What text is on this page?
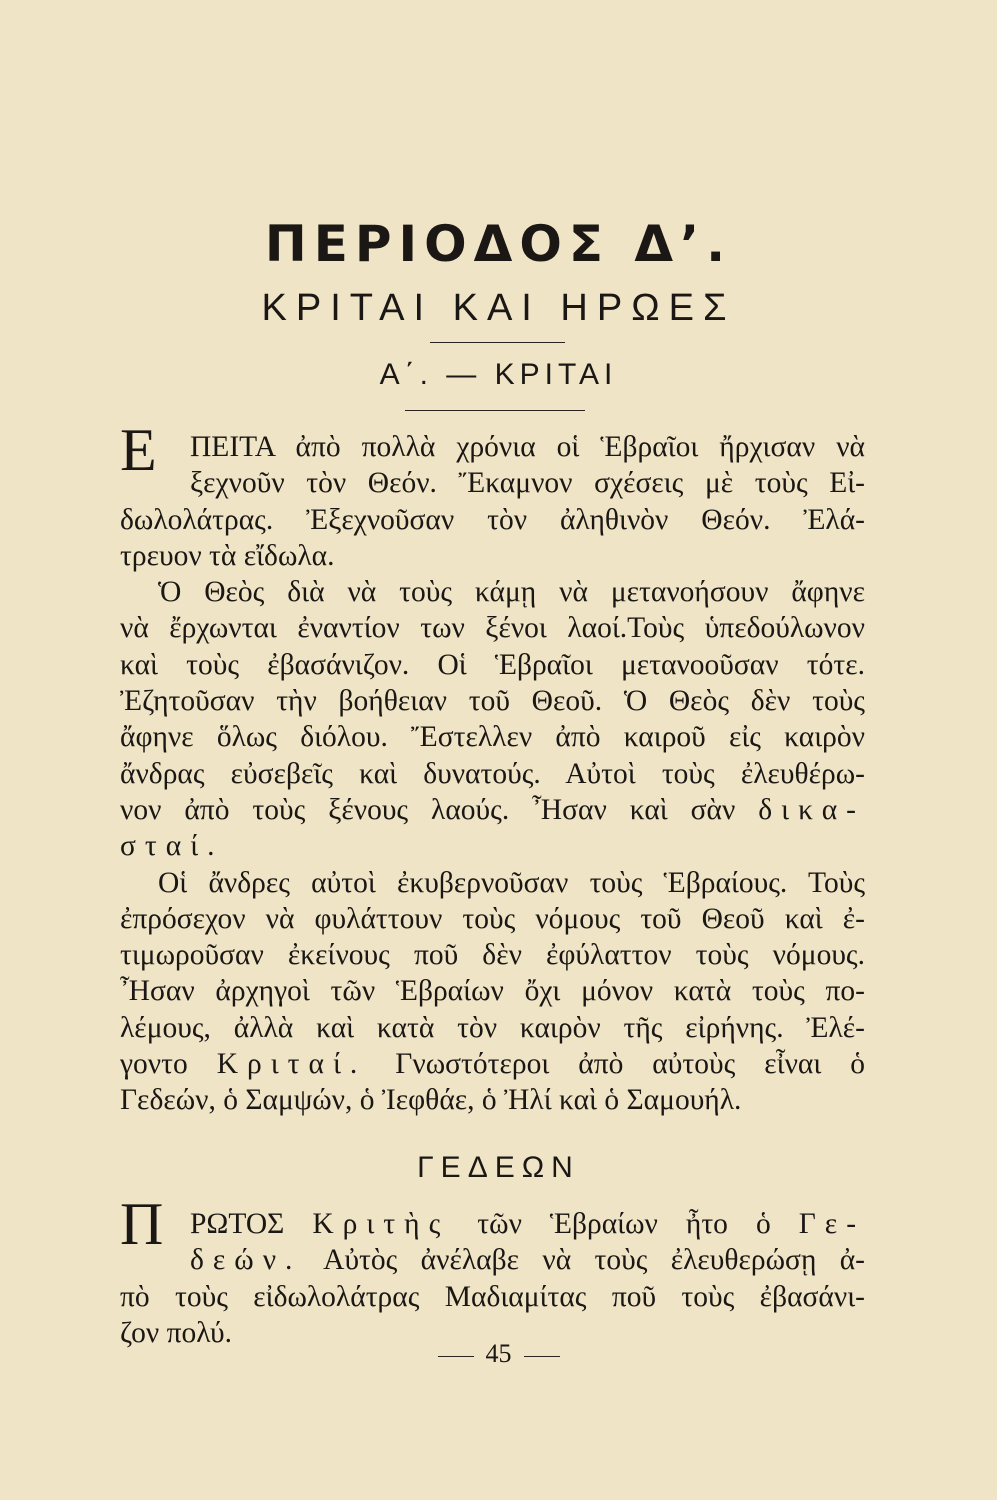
ΠΕΡΙΟΔΟΣ Δ’.
ΚΡΙΤΑΙ ΚΑΙ ΗΡΩΕΣ
Α΄. — ΚΡΙΤΑΙ
Ε	ΠΕΙΤΑ ἀπὸ πολλὰ χρόνια οἱ Ἑβραῖοι ἤρχισαν νὰ
ξεχνοῦν τὸν Θεόν. Ἔκαμνον σχέσεις μὲ τοὺς Εἰ-
δωλολάτρας. Ἐξεχνοῦσαν τὸν ἀληθινὸν Θεόν. Ἐλά-
τρευον τὰ εἴδωλα.
Ὁ Θεὸς διὰ νὰ τοὺς κάμῃ νὰ μετανοήσουν ἄφηνε
νὰ ἔρχωνται ἐναντίον των ξένοι λαοί.Τοὺς ὑπεδούλωνον
καὶ τοὺς ἐβασάνιζον. Οἱ Ἑβραῖοι μετανοοῦσαν τότε.
Ἐζητοῦσαν τὴν βοήθειαν τοῦ Θεοῦ. Ὁ Θεὸς δὲν τοὺς
ἄφηνε ὅλως διόλου. Ἔστελλεν ἀπὸ καιροῦ εἰς καιρὸν
ἄνδρας εὐσεβεῖς καὶ δυνατούς. Αὐτοὶ τοὺς ἐλευθέρω-
νον ἀπὸ τοὺς ξένους λαούς. Ἦσαν καὶ σὰν δικα-
σταί.
Οἱ ἄνδρες αὐτοὶ ἐκυβερνοῦσαν τοὺς Ἑβραίους. Τοὺς
ἐπρόσεχον νὰ φυλάττουν τοὺς νόμους τοῦ Θεοῦ καὶ ἐ-
τιμωροῦσαν ἐκείνους ποῦ δὲν ἐφύλαττον τοὺς νόμους.
Ἦσαν ἀρχηγοὶ τῶν Ἑβραίων ὄχι μόνον κατὰ τοὺς πο-
λέμους, ἀλλὰ καὶ κατὰ τὸν καιρὸν τῆς εἰρήνης. Ἐλέ-
γοντο Κριταί. Γνωστότεροι ἀπὸ αὐτοὺς εἶναι ὁ
Γεδεών, ὁ Σαμψών, ὁ Ἰεφθάε, ὁ Ἠλί καὶ ὁ Σαμουήλ.
ΓΕΔΕΩΝ
Π ΡΩΤΟΣ Κριτὴς τῶν Ἑβραίων ἦτο ὁ Γε-
δεών. Αὐτὸς ἀνέλαβε νὰ τοὺς ἐλευθερώσῃ ἀ-
πὸ τοὺς εἰδωλολάτρας Μαδιαμίτας ποῦ τοὺς ἐβασάνι-
ζον πολύ.
45
